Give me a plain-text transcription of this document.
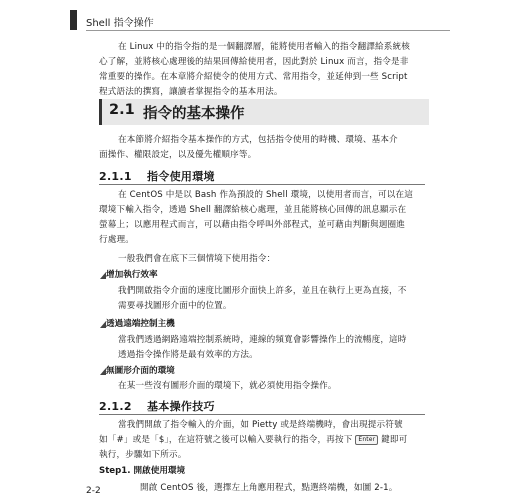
Shell 指令操作

在 Linux 中的指令指的是一個翻譯層，能將使用者輸入的指令翻譯給系統核

心了解，並將核心處理後的結果回傳給使用者，因此對於 Linux 而言，指令是非

常重要的操作。在本章將介紹使令的使用方式、常用指令，並延伸到一些 Script

程式語法的撰寫，讓讀者掌握指令的基本用法。

2.1 指令的基本操作

在本節將介紹指令基本操作的方式，包括指令使用的時機、環境、基本介

面操作、權限設定，以及優先權順序等。

2.1.1 指令使用環境

在 CentOS 中是以 Bash 作為預設的 Shell 環境，以使用者而言，可以在這

環境下輸入指令，透過 Shell 翻譯給核心處理，並且能將核心回傳的訊息顯示在

螢幕上；以應用程式而言，可以藉由指令呼叫外部程式，並可藉由判斷與迴圈進

行處理。

一般我們會在底下三個情境下使用指令：

增加執行效率

我們開啟指令介面的速度比圖形介面快上許多，並且在執行上更為直接，不

需要尋找圖形介面中的位置。

透過遠端控制主機

當我們透過網路遠端控制系統時，連線的頻寬會影響操作上的流暢度，這時

透過指令操作將是最有效率的方法。

無圖形介面的環境

在某一些沒有圖形介面的環境下，就必須使用指令操作。

2.1.2 基本操作技巧

當我們開啟了指令輸入的介面，如 Pietty 或是終端機時，會出現提示符號

如「#」或是「$」，在這符號之後可以輸入要執行的指令，再按下 Enter 鍵即可

執行，步驟如下所示。

Step1. 開啟使用環境

開啟 CentOS 後，選擇左上角應用程式，點選終端機，如圖 2-1。

2-2
